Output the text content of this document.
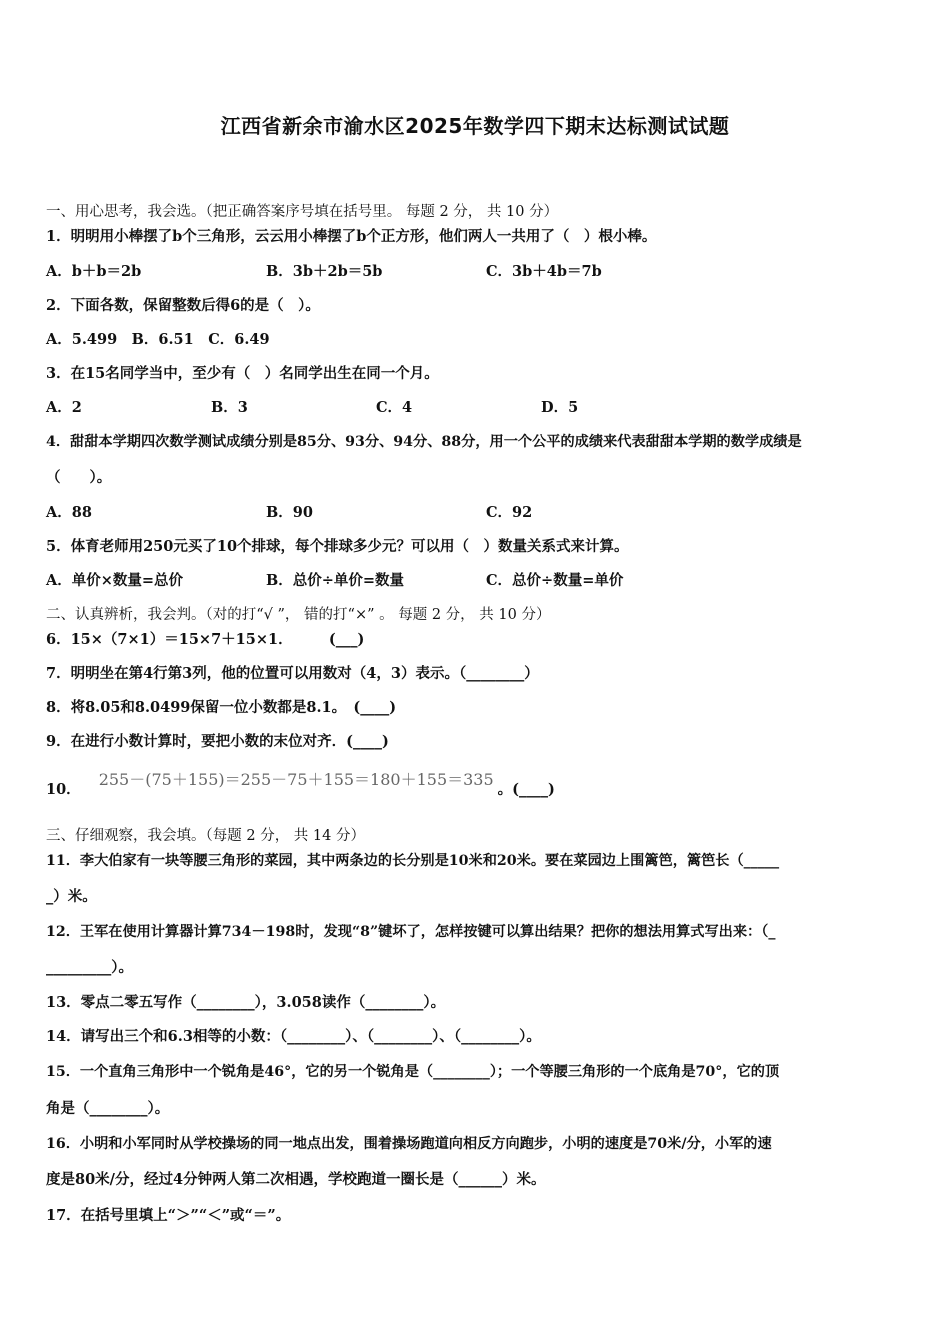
江西省新余市渝水区2025年数学四下期末达标测试试题
一、用心思考，我会选。（把正确答案序号填在括号里。 每题 2 分， 共 10 分）
1．明明用小棒摆了b个三角形，云云用小棒摆了b个正方形，他们两人一共用了（　）根小棒。
A．b＋b＝2b	B．3b＋2b＝5b	C．3b＋4b＝7b
2．下面各数，保留整数后得6的是（　）。
A．5.499　B．6.51　C．6.49
3．在15名同学当中，至少有（　）名同学出生在同一个月。
A．2	B．3	C．4	D．5
4．甜甜本学期四次数学测试成绩分别是85分、93分、94分、88分，用一个公平的成绩来代表甜甜本学期的数学成绩是
（　　）。
A．88	B．90	C．92
5．体育老师用250元买了10个排球，每个排球多少元？可以用（　）数量关系式来计算。
A．单价×数量=总价	B．总价÷单价=数量	C．总价÷数量=单价
二、认真辨析，我会判。（对的打“√ ”， 错的打“×” 。 每题 2 分， 共 10 分）
6．15×（7×1）＝15×7＋15×1．　　　(___)
7．明明坐在第4行第3列，他的位置可以用数对（4，3）表示。（________）
8．将8.05和8.0499保留一位小数都是8.1。　(____)
9．在进行小数计算时，要把小数的末位对齐．(____)
10．255－(75＋155)＝255－75＋155＝180＋155＝335。(____)
三、仔细观察，我会填。（每题 2 分， 共 14 分）
11．李大伯家有一块等腰三角形的菜园，其中两条边的长分别是10米和20米。要在菜园边上围篱笆，篱笆长（_____
_）米。
12．王军在使用计算器计算734－198时，发现“8”键坏了，怎样按键可以算出结果？把你的想法用算式写出来：（_
_________）。
13．零点二零五写作（________），3.058读作（________）。
14．请写出三个和6.3相等的小数：（________）、（________）、（________）。
15．一个直角三角形中一个锐角是46°，它的另一个锐角是（________）；一个等腰三角形的一个底角是70°，它的顶
角是（________）。
16．小明和小军同时从学校操场的同一地点出发，围着操场跑道向相反方向跑步，小明的速度是70米/分，小军的速
度是80米/分，经过4分钟两人第二次相遇，学校跑道一圈长是（______）米。
17．在括号里填上“＞”“＜”或“＝”。
